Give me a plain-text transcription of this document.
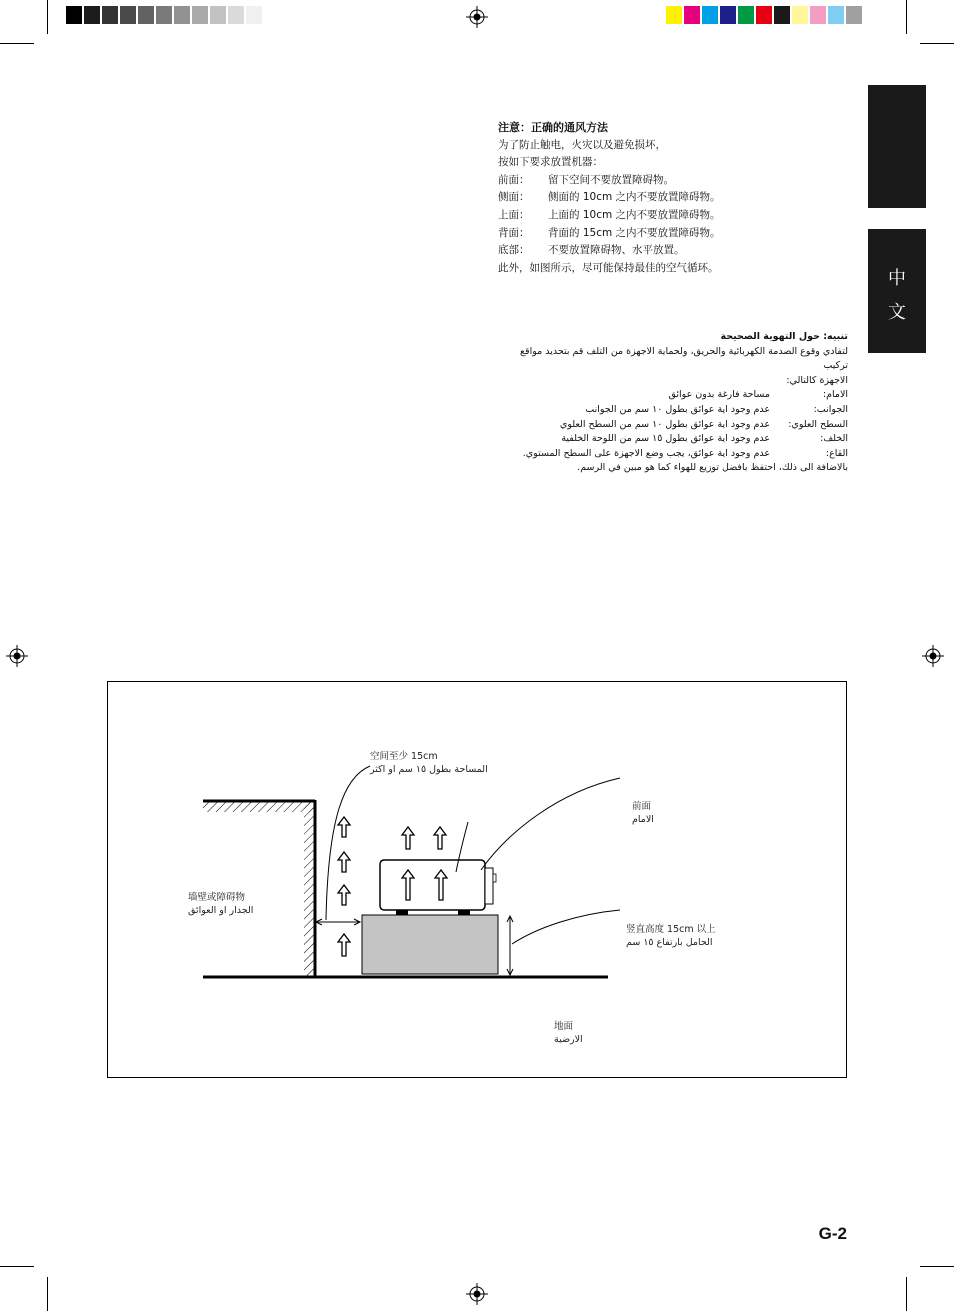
中
文
注意：正确的通风方法
为了防止触电，火灾以及避免损坏，
按如下要求放置机器：
前面：	留下空间不要放置障碍物。
侧面：	侧面的 10cm 之内不要放置障碍物。
上面：	上面的 10cm 之内不要放置障碍物。
背面：	背面的 15cm 之内不要放置障碍物。
底部：	不要放置障碍物、水平放置。
此外，如图所示，尽可能保持最佳的空气循环。
تنبيه: حول التهوية الصحيحة
لتفادي وقوع الصدمة الكهربائية والحريق، ولحماية الاجهزة من التلف قم بتحديد مواقع تركيب
الاجهزة كالتالي:
الامام:
مساحة فارغة بدون عوائق
الجوانب:
عدم وجود اية عوائق بطول ١٠ سم من الجوانب
السطح العلوي:
عدم وجود اية عوائق بطول ١٠ سم من السطح العلوي
الخلف:
عدم وجود اية عوائق بطول ١٥ سم من اللوحة الخلفية
القاع:
عدم وجود اية عوائق، يجب وضع الاجهزة على السطح المستوي.
بالاضافة الى ذلك، احتفظ بافضل توزيع للهواء كما هو مبين في الرسم.
空间至少 15cm
المساحة بطول ١٥ سم او اكثر
前面
الامام
墙壁或障碍物
الجدار او العوائق
竖直高度 15cm 以上
الحامل بارتفاع ١٥ سم
地面
الارضية
G-2
